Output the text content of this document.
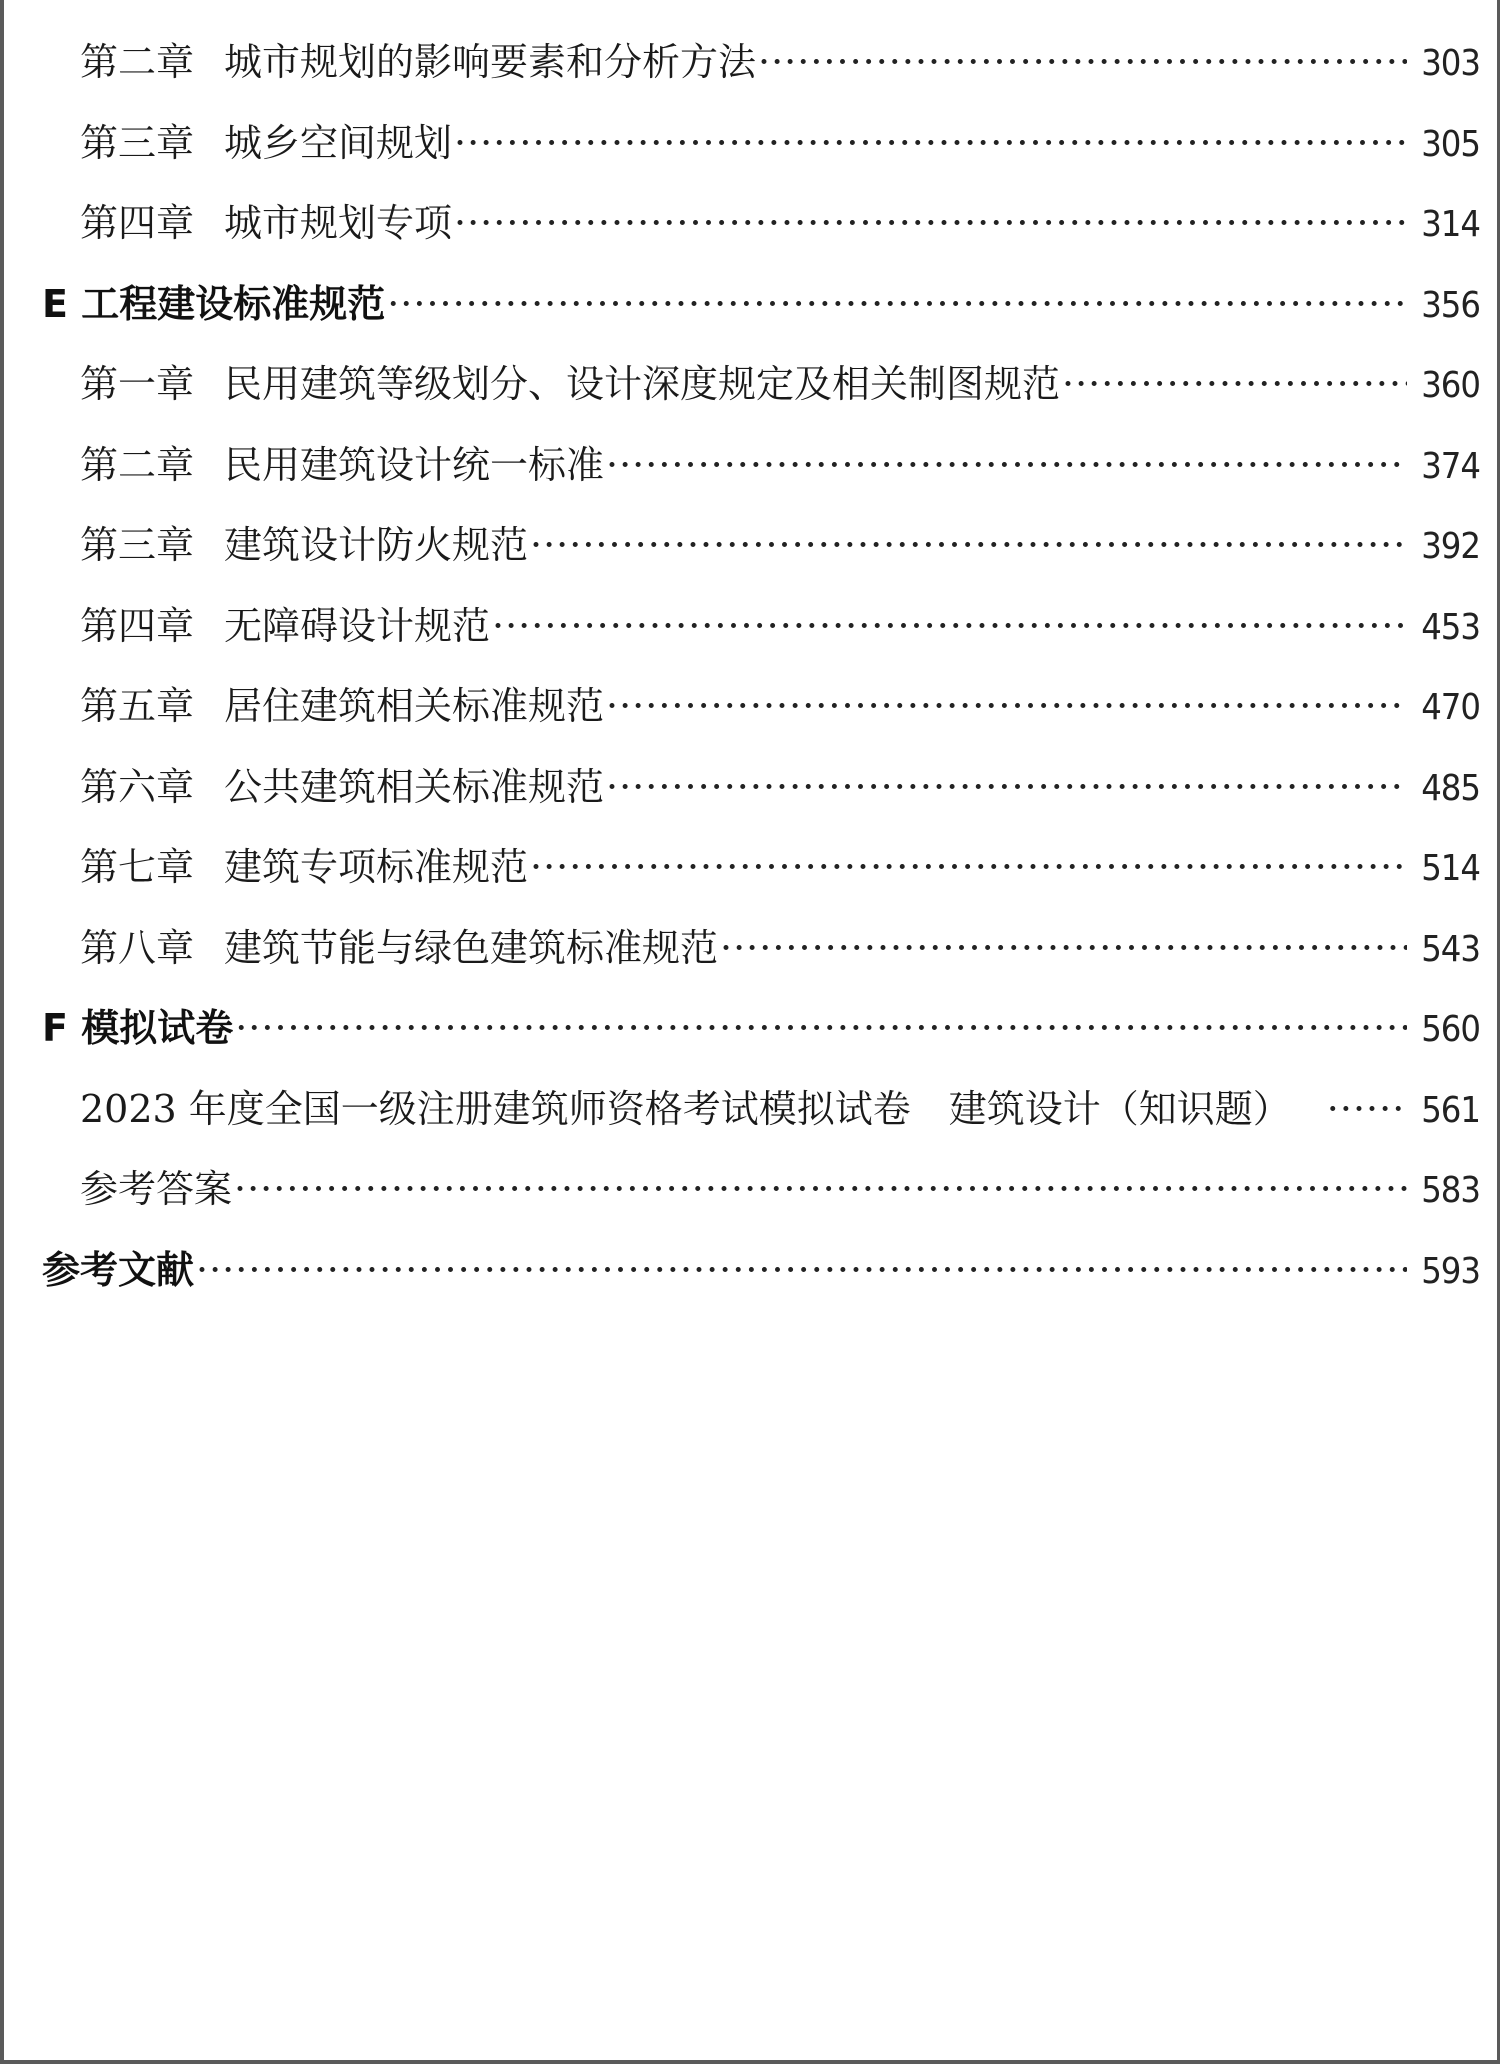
第二章 城市规划的影响要素和分析方法 ·····	303
第三章 城乡空间规划 ·····	305
第四章 城市规划专项 ·····	314
E 工程建设标准规范 ·····	356
第一章 民用建筑等级划分、设计深度规定及相关制图规范 ·····	360
第二章 民用建筑设计统一标准 ·····	374
第三章 建筑设计防火规范 ·····	392
第四章 无障碍设计规范 ·····	453
第五章 居住建筑相关标准规范 ·····	470
第六章 公共建筑相关标准规范 ·····	485
第七章 建筑专项标准规范 ·····	514
第八章 建筑节能与绿色建筑标准规范 ·····	543
F 模拟试卷 ·····	560
2023 年度全国一级注册建筑师资格考试模拟试卷　建筑设计（知识题） ·····	561
参考答案 ·····	583
参考文献 ·····	593
